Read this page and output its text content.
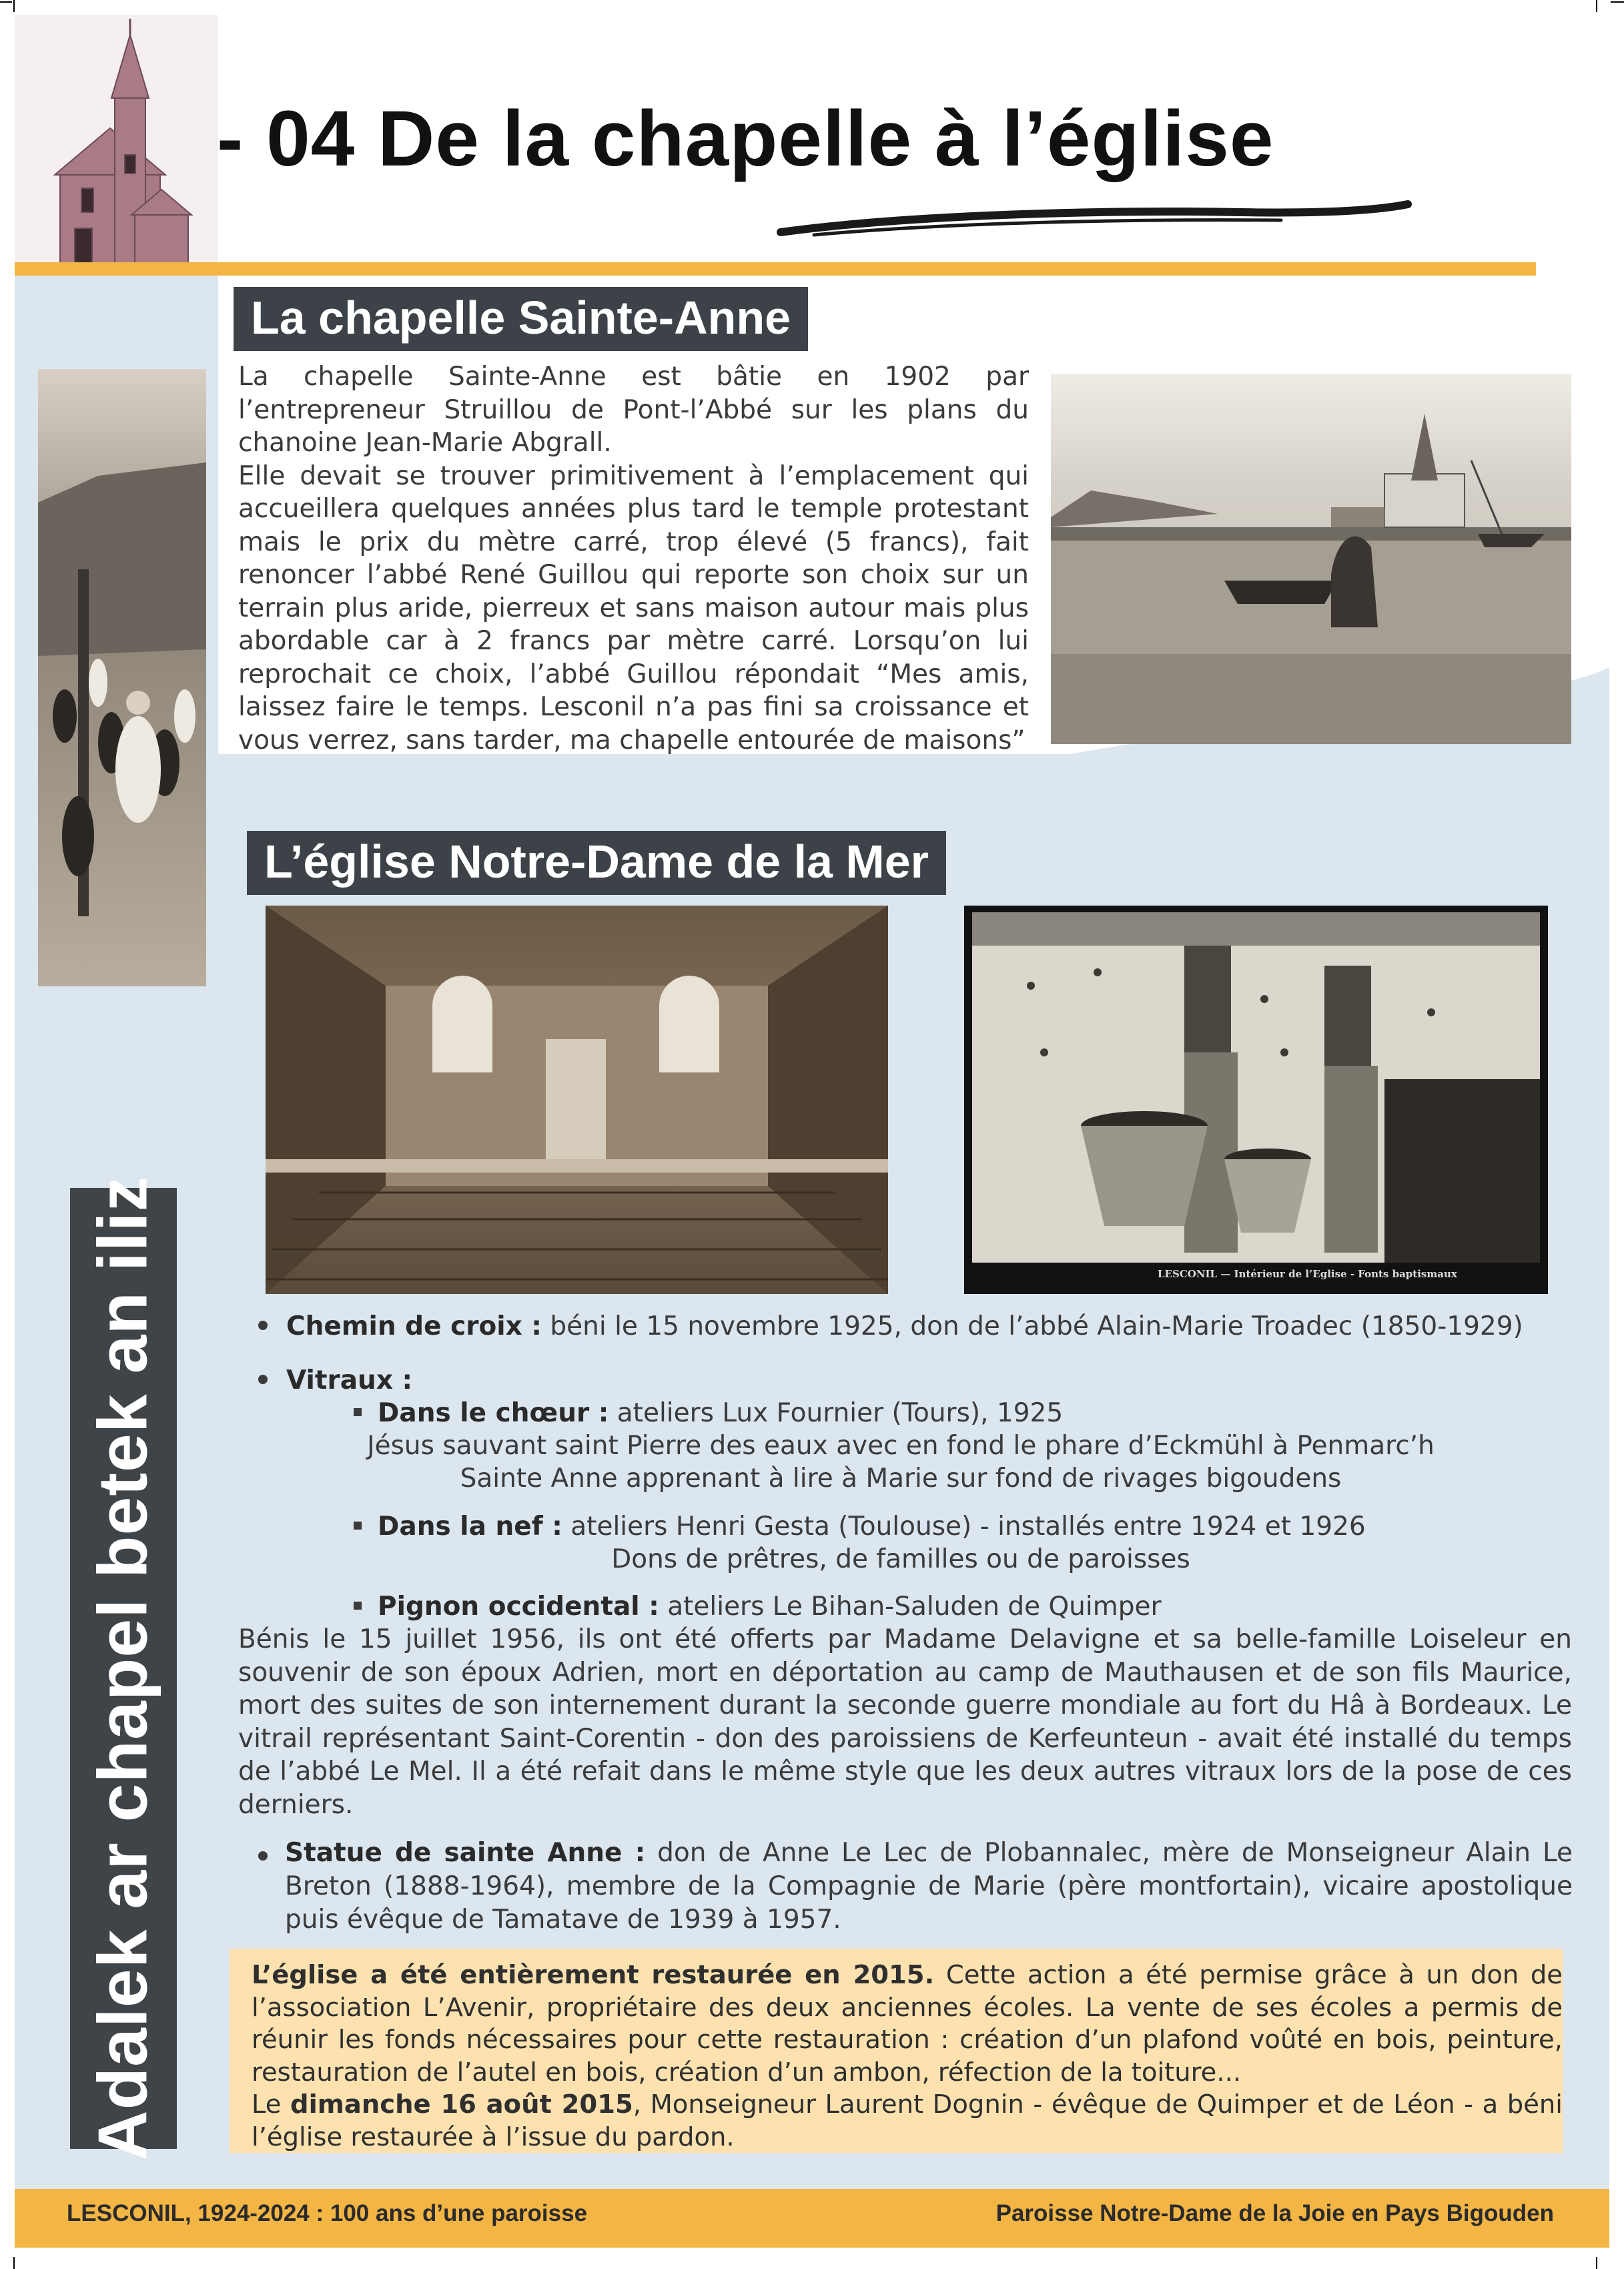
- 04 De la chapelle à l’église
Adalek ar chapel betek an iliz
La chapelle Sainte-Anne
La chapelle Sainte-Anne est bâtie en 1902 par l’entrepreneur Struillou de Pont-l’Abbé sur les plans du chanoine Jean-Marie Abgrall.
Elle devait se trouver primitivement à l’emplacement qui accueillera quelques années plus tard le temple protestant mais le prix du mètre carré, trop élevé (5 francs), fait renoncer l’abbé René Guillou qui reporte son choix sur un terrain plus aride, pierreux et sans maison autour mais plus abordable car à 2 francs par mètre carré. Lorsqu’on lui reprochait ce choix, l’abbé Guillou répondait “Mes amis, laissez faire le temps. Lesconil n’a pas fini sa croissance et vous verrez, sans tarder, ma chapelle entourée de maisons”
L’église Notre-Dame de la Mer
LESCONIL — Intérieur de l’Eglise - Fonts baptismaux
Chemin de croix : béni le 15 novembre 1925, don de l’abbé Alain-Marie Troadec (1850-1929)
Vitraux :
Dans le chœur : ateliers Lux Fournier (Tours), 1925
Jésus sauvant saint Pierre des eaux avec en fond le phare d’Eckmühl à Penmarc’h
Sainte Anne apprenant à lire à Marie sur fond de rivages bigoudens
Dans la nef : ateliers Henri Gesta (Toulouse) - installés entre 1924 et 1926
Dons de prêtres, de familles ou de paroisses
Pignon occidental : ateliers Le Bihan-Saluden de Quimper
Bénis le 15 juillet 1956, ils ont été offerts par Madame Delavigne et sa belle-famille Loiseleur en souvenir de son époux Adrien, mort en déportation au camp de Mauthausen et de son fils Maurice, mort des suites de son internement durant la seconde guerre mondiale au fort du Hâ à Bordeaux. Le vitrail représentant Saint-Corentin - don des paroissiens de Kerfeunteun - avait été installé du temps de l’abbé Le Mel. Il a été refait dans le même style que les deux autres vitraux lors de la pose de ces derniers.
Statue de sainte Anne : don de Anne Le Lec de Plobannalec, mère de Monseigneur Alain Le Breton (1888-1964), membre de la Compagnie de Marie (père montfortain), vicaire apostolique puis évêque de Tamatave de 1939 à 1957.
L’église a été entièrement restaurée en 2015. Cette action a été permise grâce à un don de l’association L’Avenir, propriétaire des deux anciennes écoles. La vente de ses écoles a permis de réunir les fonds nécessaires pour cette restauration : création d’un plafond voûté en bois, peinture, restauration de l’autel en bois, création d’un ambon, réfection de la toiture...
Le dimanche 16 août 2015, Monseigneur Laurent Dognin - évêque de Quimper et de Léon - a béni l’église restaurée à l’issue du pardon.
LESCONIL, 1924-2024 : 100 ans d’une paroisse	Paroisse Notre-Dame de la Joie en Pays Bigouden
